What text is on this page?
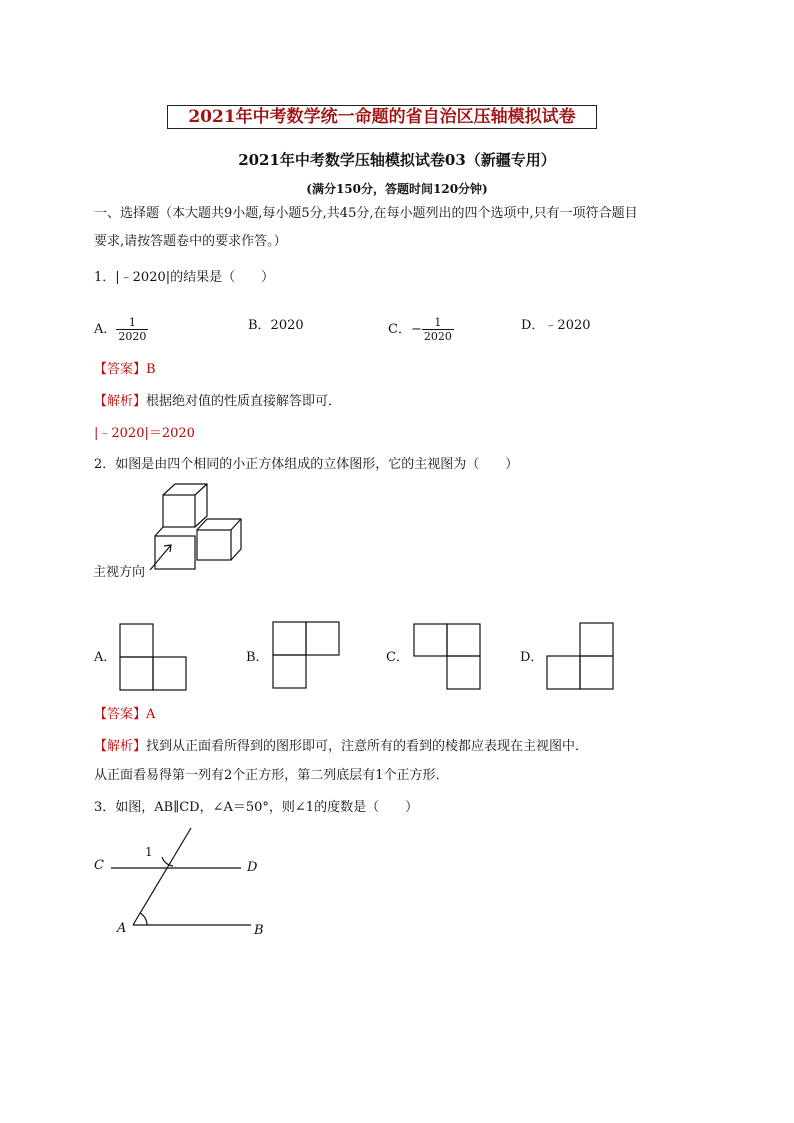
2021年中考数学统一命题的省自治区压轴模拟试卷
2021年中考数学压轴模拟试卷03（新疆专用）
(满分150分，答题时间120分钟)
一、选择题（本大题共9小题,每小题5分,共45分,在每小题列出的四个选项中,只有一项符合题目
要求,请按答题卷中的要求作答。）
1．|﹣2020|的结果是（　　）
A． $\frac{1}{2020}$	B．2020	C．− $\frac{1}{2020}$	D．﹣2020
【答案】B
【解析】根据绝对值的性质直接解答即可．
|﹣2020|＝2020
2．如图是由四个相同的小正方体组成的立体图形，它的主视图为（　　）
主视方向
A．	B．	C．	D．
【答案】A
【解析】找到从正面看所得到的图形即可，注意所有的看到的棱都应表现在主视图中．
从正面看易得第一列有2个正方形，第二列底层有1个正方形．
3．如图，AB∥CD，∠A＝50°，则∠1的度数是（　　）
C	D
A	B
1
